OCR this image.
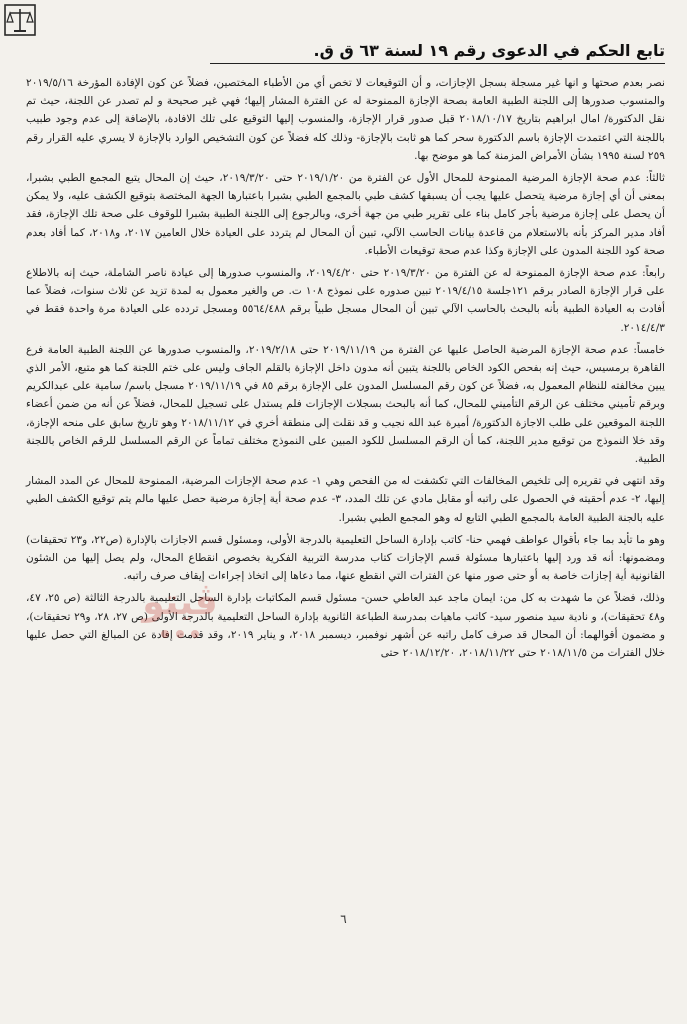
تابع الحكم في الدعوى رقم ١٩ لسنة ٦٣ ق ق.

نصر بعدم صحتها و انها غير مسجلة بسجل الإجازات، و أن التوقيعات لا تخص أي من الأطباء المختصين، فضلاً عن كون الإفادة المؤرخة ٢٠١٩/٥/١٦ والمنسوب صدورها إلى اللجنة الطبية العامة بصحة الإجازة الممنوحة له عن الفترة المشار إليها؛ فهي غير صحيحة و لم تصدر عن اللجنة، حيث تم نقل الدكتورة/ امال ابراهيم بتاريخ ٢٠١٨/١٠/١٧ قبل صدور قرار الإجازة، والمنسوب إليها التوقيع على تلك الافادة، بالإضافة إلى عدم وجود طبيب باللجنة التي اعتمدت الإجازة باسم الدكتورة سحر كما هو ثابت بالإجازة- وذلك كله فضلاً عن كون التشخيص الوارد بالإجازة لا يسري عليه القرار رقم ٢٥٩ لسنة ١٩٩٥ بشأن الأمراض المزمنة كما هو موضح بها.

ثالثاً: عدم صحة الإجازة المرضية الممنوحة للمحال الأول عن الفترة من ٢٠١٩/١/٢٠ حتى ٢٠١٩/٣/٢٠، حيث إن المحال يتبع المجمع الطبي بشبرا، بمعنى أن أي إجازة مرضية يتحصل عليها يجب أن يسبقها كشف طبي بالمجمع الطبي بشبرا باعتبارها الجهة المختصة بتوقيع الكشف عليه، ولا يمكن أن يحصل على إجازة مرضية بأجر كامل بناء على تقرير طبي من جهة أخرى، وبالرجوع إلى اللجنة الطبية بشبرا للوقوف على صحة تلك الإجازة، فقد أفاد مدير المركز بأنه بالاستعلام من قاعدة بيانات الحاسب الآلي، تبين أن المحال لم يتردد على العيادة خلال العامين ٢٠١٧، و٢٠١٨، كما أفاد بعدم صحة كود اللجنة المدون على الإجازة وكذا عدم صحة توقيعات الأطباء.

رابعاً: عدم صحة الإجازة الممنوحة له عن الفترة من ٢٠١٩/٣/٢٠ حتى ٢٠١٩/٤/٢٠، والمنسوب صدورها إلى عيادة ناصر الشاملة، حيث إنه بالاطلاع على قرار الإجازة الصادر برقم ١٢١جلسة ٢٠١٩/٤/١٥ تبين صدوره على نموذج ١٠٨ ت. ص والغير معمول به لمدة تزيد عن ثلاث سنوات، فضلاً عما أفادت به العيادة الطبية بأنه بالبحث بالحاسب الآلي تبين أن المحال مسجل طبياً برقم ٥٥٦٤/٤٨٨ ومسجل تردده على العيادة مرة واحدة فقط في ٢٠١٤/٤/٣.

خامساً: عدم صحة الإجازة المرضية الحاصل عليها عن الفترة من ٢٠١٩/١١/١٩ حتى ٢٠١٩/٢/١٨، والمنسوب صدورها عن اللجنة الطبية العامة فرع القاهرة برمسيس، حيث إنه بفحص الكود الخاص باللجنة يتبين أنه مدون داخل الإجازة بالقلم الجاف وليس على ختم اللجنة كما هو متبع، الأمر الذي يبين مخالفته للنظام المعمول به، فضلاً عن كون رقم المسلسل المدون على الإجازة برقم ٨٥ في ٢٠١٩/١١/١٩ مسجل باسم/ سامية على عبدالكريم وبرقم تأميني مختلف عن الرقم التأميني للمحال، كما أنه بالبحث بسجلات الإجازات فلم يستدل على تسجيل للمحال، فضلاً عن أنه من ضمن أعضاء اللجنة الموقعين على طلب الاجازة الدكتورة/ أميرة عبد الله نجيب و قد نقلت إلى منطقة أخري في ٢٠١٨/١١/١٢ وهو تاريخ سابق على منحه الإجازة، وقد خلا النموذج من توقيع مدير اللجنة، كما أن الرقم المسلسل للكود المبين على النموذج مختلف تماماً عن الرقم المسلسل للرقم الخاص باللجنة الطبية.

وقد انتهى في تقريره إلى تلخيص المخالفات التي تكشفت له من الفحص وهي ١- عدم صحة الإجازات المرضية، الممنوحة للمحال عن المدد المشار إليها، ٢- عدم أحقيته في الحصول على راتبه أو مقابل مادي عن تلك المدد، ٣- عدم صحة أية إجازة مرضية حصل عليها مالم يتم توقيع الكشف الطبي عليه بالجنة الطبية العامة بالمجمع الطبي التابع له وهو المجمع الطبي بشبرا.

وهو ما تأيد بما جاء بأقوال عواطف فهمي حنا- كاتب بإدارة الساحل التعليمية بالدرجة الأولى، ومسئول قسم الاجازات بالإدارة (ص٢٢، و٢٣ تحقيقات) ومضمونها: أنه قد ورد إليها باعتبارها مسئولة قسم الإجازات كتاب مدرسة التربية الفكرية بخصوص انقطاع المحال، ولم يصل إليها من الشئون القانونية أية إجازات خاصة به أو حتى صور منها عن الفترات التي انقطع عنها، مما دعاها إلى اتخاذ إجراءات إيقاف صرف راتبه.

وذلك، فضلاً عن ما شهدت به كل من: ايمان ماجد عبد العاطي حسن- مسئول قسم المكاتبات بإدارة الساحل التعليمية بالدرجة الثالثة (ص ٢٥، ٤٧، و٤٨ تحقيقات)، و نادية سيد منصور سيد- كاتب ماهيات بمدرسة الطباعة الثانوية بإدارة الساحل التعليمية بالدرجة الأولى (ص ٢٧، ٢٨، و٢٩ تحقيقات)، و مضمون أقوالهما: أن المحال قد صرف كامل راتبه عن أشهر نوفمبر، ديسمبر ٢٠١٨، و يناير ٢٠١٩، وقد قدمت إفادة عن المبالغ التي حصل عليها خلال الفترات من ٢٠١٨/١١/٥ حتى ٢٠١٨/١١/٢٢، ٢٠١٨/١٢/٢٠ حتى

ڤيتو
٦
